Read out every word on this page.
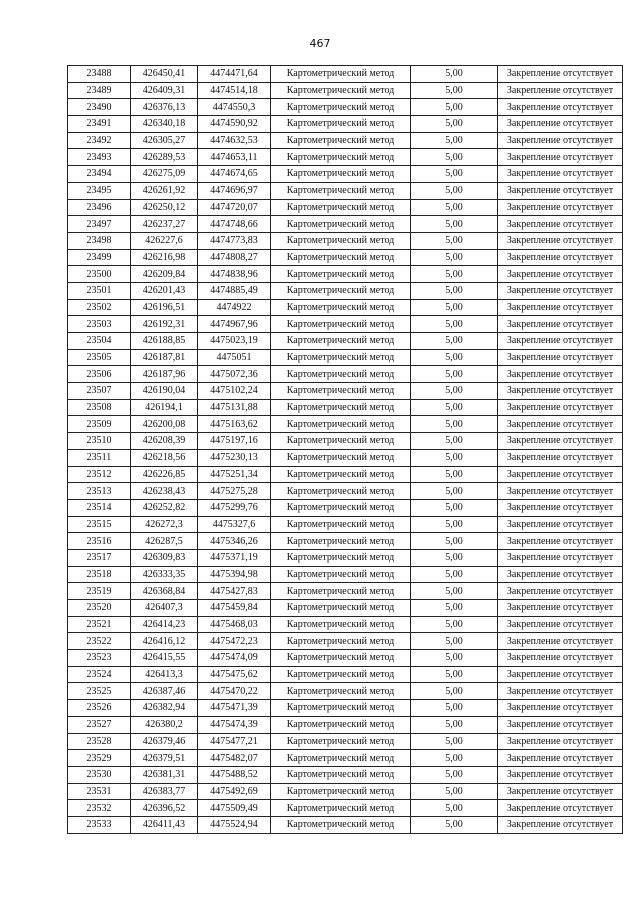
467
23488	426450,41	4474471,64	Картометрический метод	5,00	Закрепление отсутствует
23489	426409,31	4474514,18	Картометрический метод	5,00	Закрепление отсутствует
23490	426376,13	4474550,3	Картометрический метод	5,00	Закрепление отсутствует
23491	426340,18	4474590,92	Картометрический метод	5,00	Закрепление отсутствует
23492	426305,27	4474632,53	Картометрический метод	5,00	Закрепление отсутствует
23493	426289,53	4474653,11	Картометрический метод	5,00	Закрепление отсутствует
23494	426275,09	4474674,65	Картометрический метод	5,00	Закрепление отсутствует
23495	426261,92	4474696,97	Картометрический метод	5,00	Закрепление отсутствует
23496	426250,12	4474720,07	Картометрический метод	5,00	Закрепление отсутствует
23497	426237,27	4474748,66	Картометрический метод	5,00	Закрепление отсутствует
23498	426227,6	4474773,83	Картометрический метод	5,00	Закрепление отсутствует
23499	426216,98	4474808,27	Картометрический метод	5,00	Закрепление отсутствует
23500	426209,84	4474838,96	Картометрический метод	5,00	Закрепление отсутствует
23501	426201,43	4474885,49	Картометрический метод	5,00	Закрепление отсутствует
23502	426196,51	4474922	Картометрический метод	5,00	Закрепление отсутствует
23503	426192,31	4474967,96	Картометрический метод	5,00	Закрепление отсутствует
23504	426188,85	4475023,19	Картометрический метод	5,00	Закрепление отсутствует
23505	426187,81	4475051	Картометрический метод	5,00	Закрепление отсутствует
23506	426187,96	4475072,36	Картометрический метод	5,00	Закрепление отсутствует
23507	426190,04	4475102,24	Картометрический метод	5,00	Закрепление отсутствует
23508	426194,1	4475131,88	Картометрический метод	5,00	Закрепление отсутствует
23509	426200,08	4475163,62	Картометрический метод	5,00	Закрепление отсутствует
23510	426208,39	4475197,16	Картометрический метод	5,00	Закрепление отсутствует
23511	426218,56	4475230,13	Картометрический метод	5,00	Закрепление отсутствует
23512	426226,85	4475251,34	Картометрический метод	5,00	Закрепление отсутствует
23513	426238,43	4475275,28	Картометрический метод	5,00	Закрепление отсутствует
23514	426252,82	4475299,76	Картометрический метод	5,00	Закрепление отсутствует
23515	426272,3	4475327,6	Картометрический метод	5,00	Закрепление отсутствует
23516	426287,5	4475346,26	Картометрический метод	5,00	Закрепление отсутствует
23517	426309,83	4475371,19	Картометрический метод	5,00	Закрепление отсутствует
23518	426333,35	4475394,98	Картометрический метод	5,00	Закрепление отсутствует
23519	426368,84	4475427,83	Картометрический метод	5,00	Закрепление отсутствует
23520	426407,3	4475459,84	Картометрический метод	5,00	Закрепление отсутствует
23521	426414,23	4475468,03	Картометрический метод	5,00	Закрепление отсутствует
23522	426416,12	4475472,23	Картометрический метод	5,00	Закрепление отсутствует
23523	426415,55	4475474,09	Картометрический метод	5,00	Закрепление отсутствует
23524	426413,3	4475475,62	Картометрический метод	5,00	Закрепление отсутствует
23525	426387,46	4475470,22	Картометрический метод	5,00	Закрепление отсутствует
23526	426382,94	4475471,39	Картометрический метод	5,00	Закрепление отсутствует
23527	426380,2	4475474,39	Картометрический метод	5,00	Закрепление отсутствует
23528	426379,46	4475477,21	Картометрический метод	5,00	Закрепление отсутствует
23529	426379,51	4475482,07	Картометрический метод	5,00	Закрепление отсутствует
23530	426381,31	4475488,52	Картометрический метод	5,00	Закрепление отсутствует
23531	426383,77	4475492,69	Картометрический метод	5,00	Закрепление отсутствует
23532	426396,52	4475509,49	Картометрический метод	5,00	Закрепление отсутствует
23533	426411,43	4475524,94	Картометрический метод	5,00	Закрепление отсутствует
